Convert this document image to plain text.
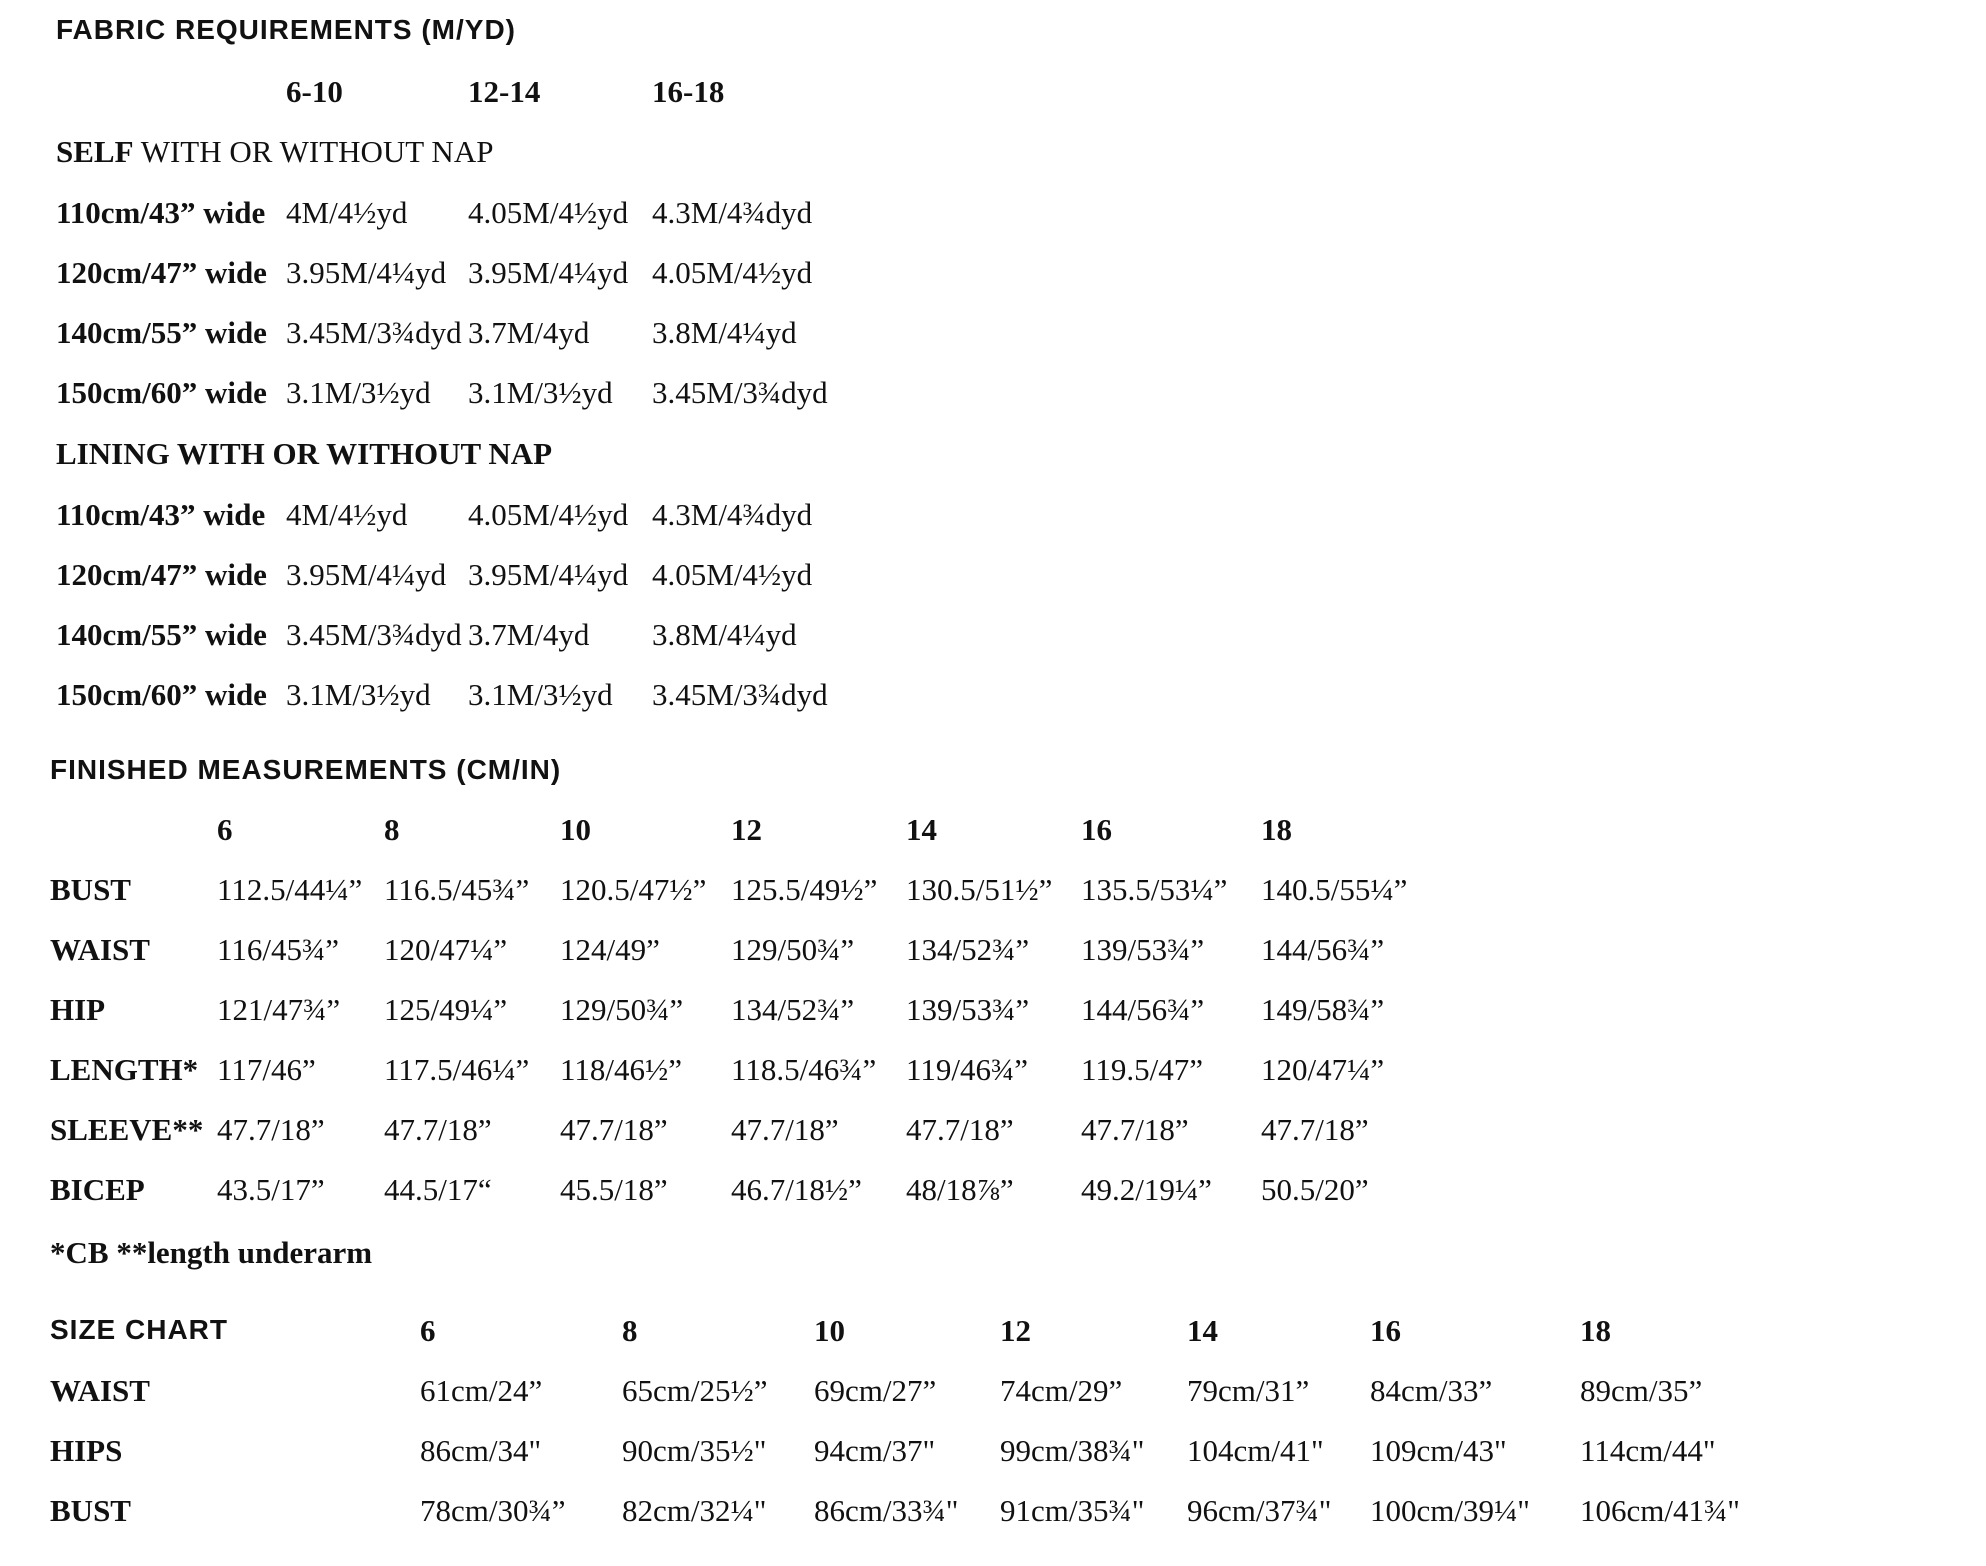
FABRIC REQUIREMENTS (M/YD)
6-10	12-14	16-18
SELF WITH OR WITHOUT NAP
110cm/43” wide 4M/4½yd 4.05M/4½yd 4.3M/4¾dyd
120cm/47” wide 3.95M/4¼yd 3.95M/4¼yd 4.05M/4½yd
140cm/55” wide 3.45M/3¾dyd 3.7M/4yd 3.8M/4¼yd
150cm/60” wide 3.1M/3½yd 3.1M/3½yd 3.45M/3¾dyd
LINING WITH OR WITHOUT NAP
110cm/43” wide 4M/4½yd 4.05M/4½yd 4.3M/4¾dyd
120cm/47” wide 3.95M/4¼yd 3.95M/4¼yd 4.05M/4½yd
140cm/55” wide 3.45M/3¾dyd 3.7M/4yd 3.8M/4¼yd
150cm/60” wide 3.1M/3½yd 3.1M/3½yd 3.45M/3¾dyd
FINISHED MEASUREMENTS (CM/IN)
6	8	10	12	14	16	18
BUST	112.5/44¼” 116.5/45¾” 120.5/47½” 125.5/49½” 130.5/51½” 135.5/53¼” 140.5/55¼”
WAIST 116/45¾” 120/47¼” 124/49” 129/50¾” 134/52¾” 139/53¾” 144/56¾”
HIP	121/47¾” 125/49¼” 129/50¾” 134/52¾” 139/53¾” 144/56¾” 149/58¾”
LENGTH* 117/46” 117.5/46¼” 118/46½” 118.5/46¾” 119/46¾” 119.5/47” 120/47¼”
SLEEVE** 47.7/18” 47.7/18” 47.7/18” 47.7/18” 47.7/18” 47.7/18” 47.7/18”
BICEP 43.5/17” 44.5/17“ 45.5/18” 46.7/18½” 48/18⅞” 49.2/19¼” 50.5/20”
*CB **length underarm
SIZE CHART	6	8	10	12	14	16	18
WAIST	61cm/24”	65cm/25½” 69cm/27” 74cm/29” 79cm/31” 84cm/33”	89cm/35”
HIPS	86cm/34"	90cm/35½" 94cm/37" 99cm/38¾" 104cm/41" 109cm/43" 114cm/44"
BUST	78cm/30¾” 82cm/32¼" 86cm/33¾" 91cm/35¾" 96cm/37¾" 100cm/39¼" 106cm/41¾"
